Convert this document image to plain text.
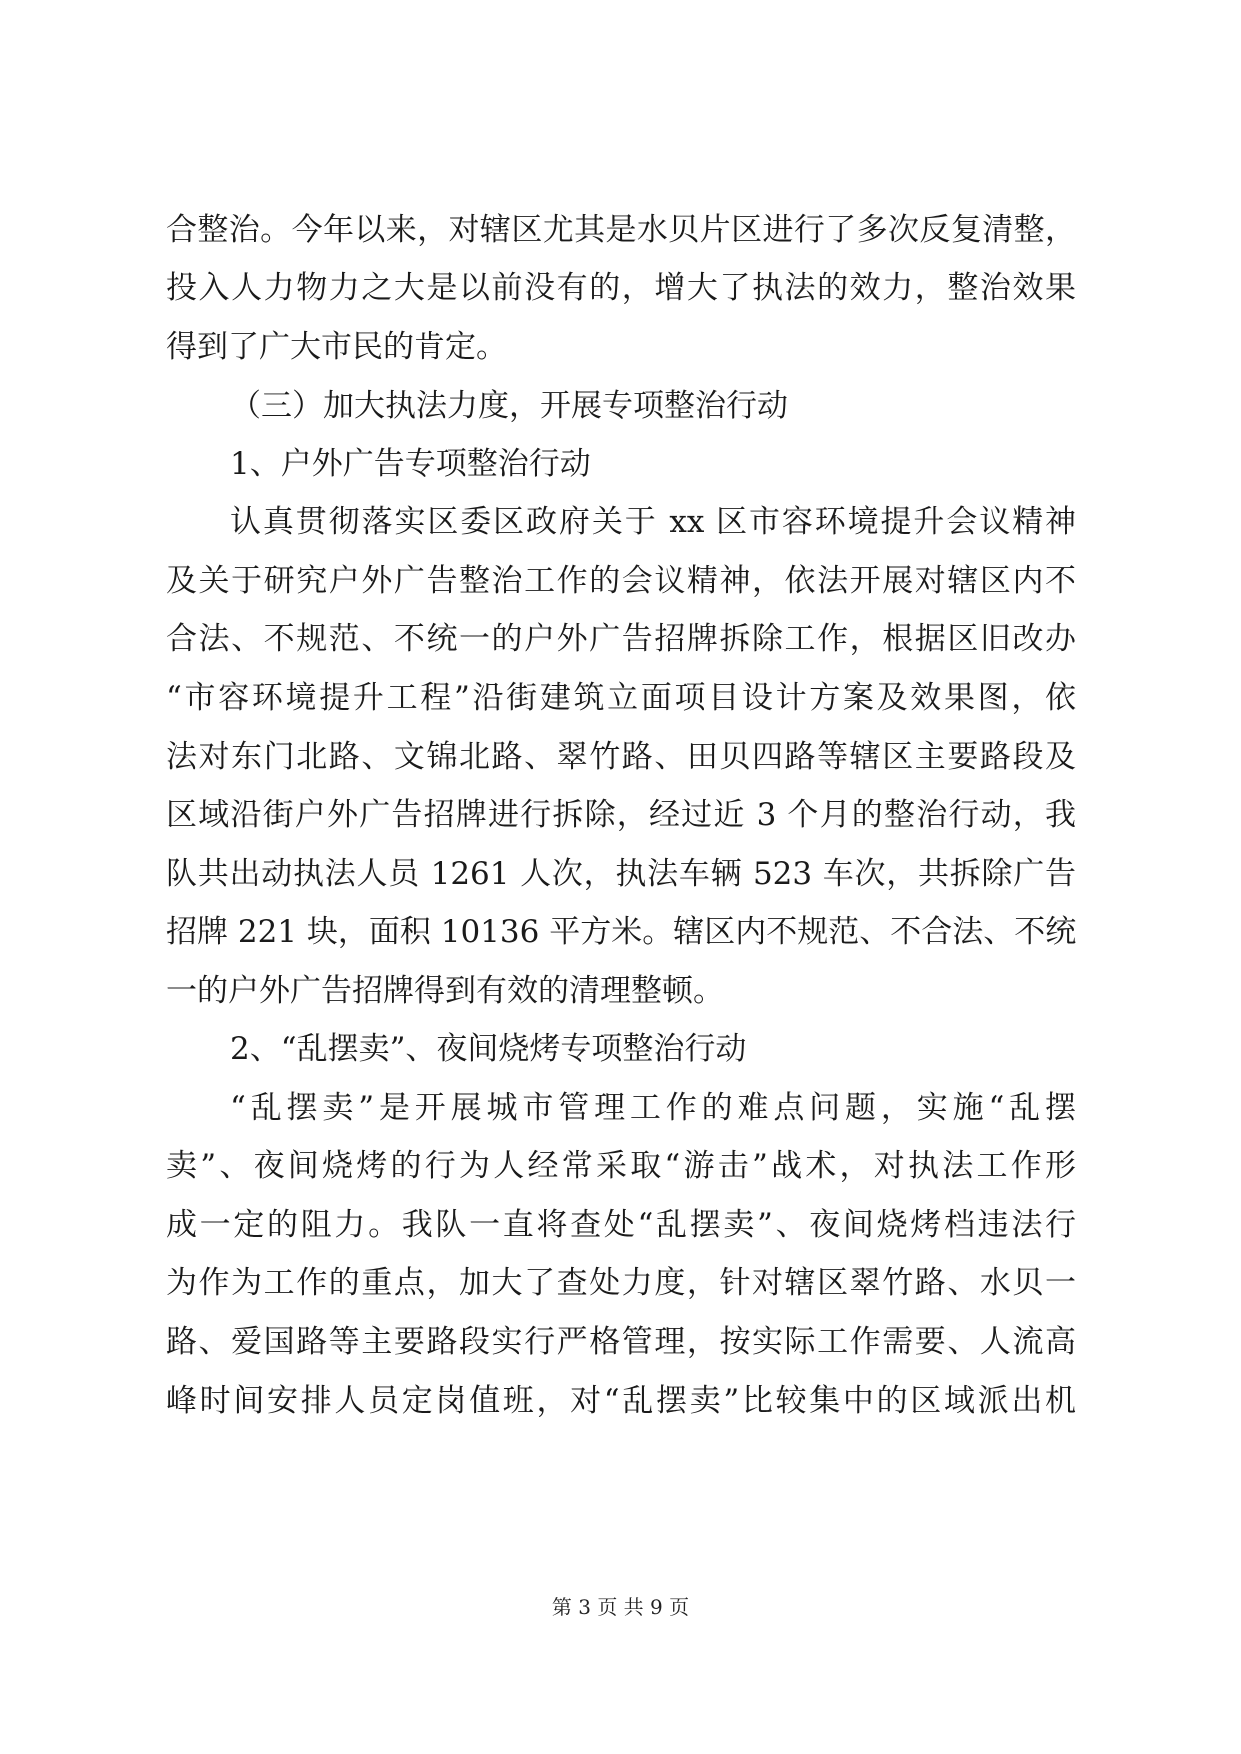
合整治。今年以来，对辖区尤其是水贝片区进行了多次反复清整，
投入人力物力之大是以前没有的，增大了执法的效力，整治效果
得到了广大市民的肯定。
（三）加大执法力度，开展专项整治行动
1、户外广告专项整治行动
认真贯彻落实区委区政府关于 xx 区市容环境提升会议精神
及关于研究户外广告整治工作的会议精神，依法开展对辖区内不
合法、不规范、不统一的户外广告招牌拆除工作，根据区旧改办
“市容环境提升工程”沿街建筑立面项目设计方案及效果图，依
法对东门北路、文锦北路、翠竹路、田贝四路等辖区主要路段及
区域沿街户外广告招牌进行拆除，经过近 3 个月的整治行动，我
队共出动执法人员 1261 人次，执法车辆 523 车次，共拆除广告
招牌 221 块，面积 10136 平方米。辖区内不规范、不合法、不统
一的户外广告招牌得到有效的清理整顿。
2、“乱摆卖”、夜间烧烤专项整治行动
“乱摆卖”是开展城市管理工作的难点问题，实施“乱摆
卖”、夜间烧烤的行为人经常采取“游击”战术，对执法工作形
成一定的阻力。我队一直将查处“乱摆卖”、夜间烧烤档违法行
为作为工作的重点，加大了查处力度，针对辖区翠竹路、水贝一
路、爱国路等主要路段实行严格管理，按实际工作需要、人流高
峰时间安排人员定岗值班，对“乱摆卖”比较集中的区域派出机
第 3 页 共 9 页
